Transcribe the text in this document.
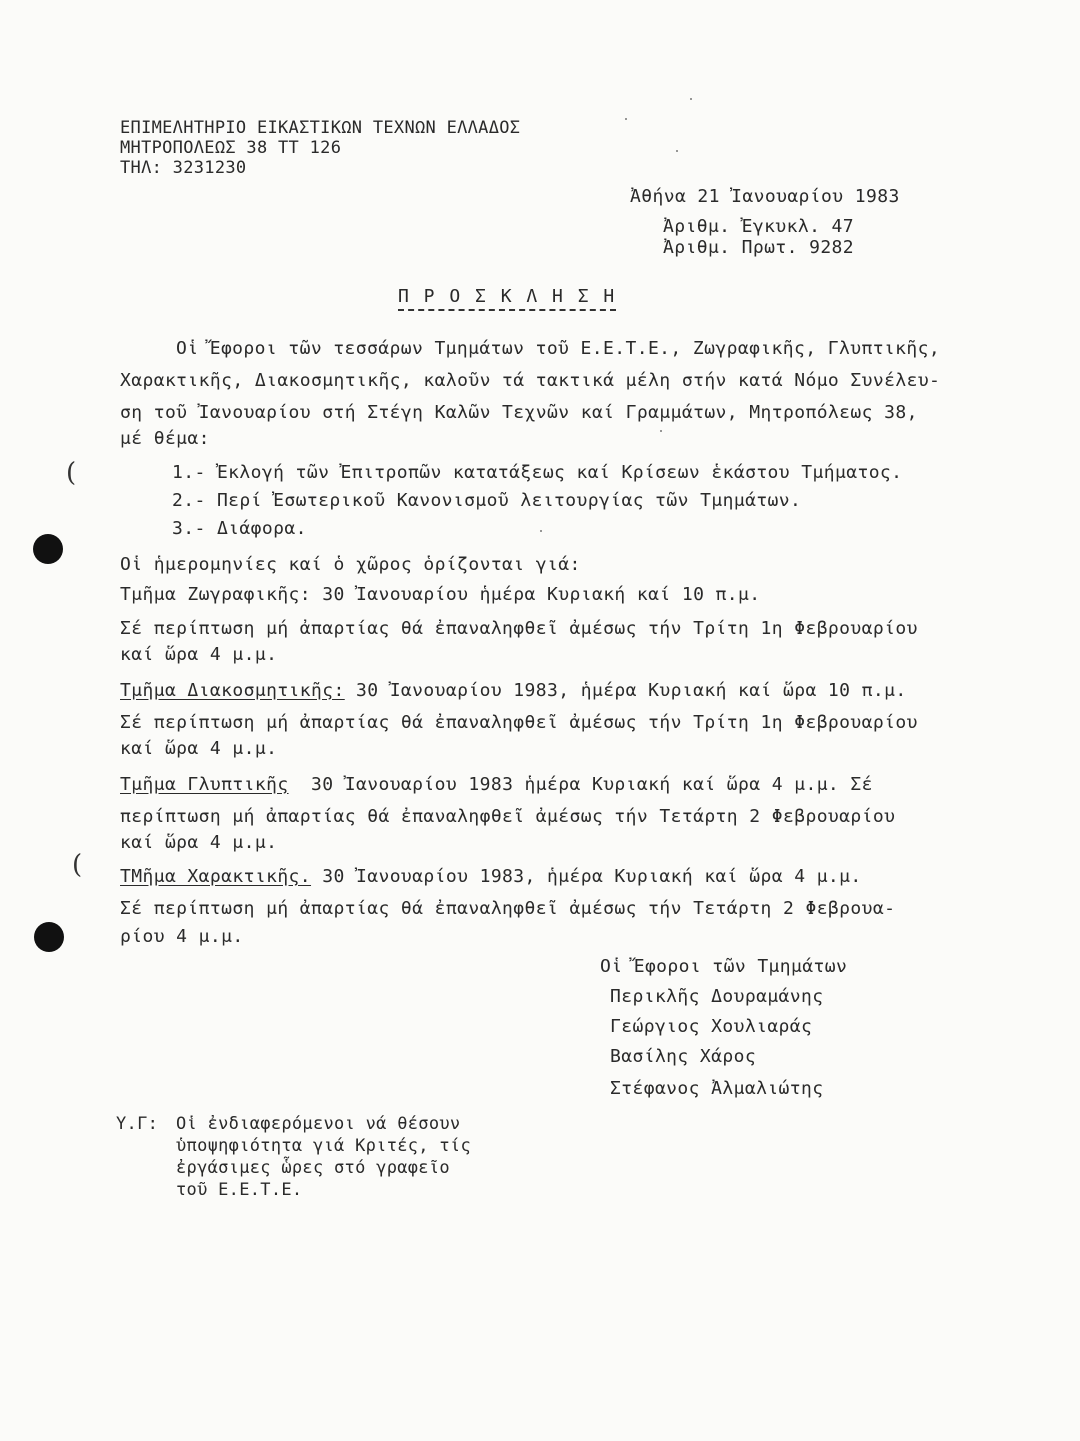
ΕΠΙΜΕΛΗΤΗΡΙΟ ΕΙΚΑΣΤΙΚΩΝ ΤΕΧΝΩΝ ΕΛΛΑΔΟΣ
ΜΗΤΡΟΠΟΛΕΩΣ 38 ΤΤ 126
ΤΗΛ: 3231230
Ἀθήνα 21 Ἰανουαρίου 1983
Ἀριθμ. Ἐγκυκλ. 47
Ἀριθμ. Πρωτ. 9282
Π Ρ Ο Σ Κ Λ Η Σ Η
Οἱ Ἔφοροι τῶν τεσσάρων Τμημάτων τοῦ Ε.Ε.Τ.Ε., Ζωγραφικῆς, Γλυπτικῆς,
Χαρακτικῆς, Διακοσμητικῆς, καλοῦν τά τακτικά μέλη στήν κατά Νόμο Συνέλευ-
ση τοῦ Ἰανουαρίου στή Στέγη Καλῶν Τεχνῶν καί Γραμμάτων, Μητροπόλεως 38,
μέ θέμα:
1.- Ἐκλογή τῶν Ἐπιτροπῶν κατατάξεως καί Κρίσεων ἑκάστου Τμήματος.
2.- Περί Ἐσωτερικοῦ Κανονισμοῦ λειτουργίας τῶν Τμημάτων.
3.- Διάφορα.
Οἱ ἡμερομηνίες καί ὁ χῶρος ὁρίζονται γιά:
Τμῆμα Ζωγραφικῆς: 30 Ἰανουαρίου ἡμέρα Κυριακή καί 10 π.μ.
Σέ περίπτωση μή ἀπαρτίας θά ἐπαναληφθεῖ ἀμέσως τήν Τρίτη 1η Φεβρουαρίου
καί ὥρα 4 μ.μ.
Τμῆμα Διακοσμητικῆς: 30 Ἰανουαρίου 1983, ἡμέρα Κυριακή καί ὥρα 10 π.μ.
Σέ περίπτωση μή ἀπαρτίας θά ἐπαναληφθεῖ ἀμέσως τήν Τρίτη 1η Φεβρουαρίου
καί ὥρα 4 μ.μ.
Τμῆμα Γλυπτικῆς  30 Ἰανουαρίου 1983 ἡμέρα Κυριακή καί ὥρα 4 μ.μ. Σέ
περίπτωση μή ἀπαρτίας θά ἐπαναληφθεῖ ἀμέσως τήν Τετάρτη 2 Φεβρουαρίου
καί ὥρα 4 μ.μ.
ΤΜῆμα Χαρακτικῆς. 30 Ἰανουαρίου 1983, ἡμέρα Κυριακή καί ὥρα 4 μ.μ.
Σέ περίπτωση μή ἀπαρτίας θά ἐπαναληφθεῖ ἀμέσως τήν Τετάρτη 2 Φεβρουα-
ρίου 4 μ.μ.
Οἱ Ἔφοροι τῶν Τμημάτων
Περικλῆς Δουραμάνης
Γεώργιος Χουλιαράς
Βασίλης Χάρος
Στέφανος Ἀλμαλιώτης
Υ.Γ: Οἱ ἐνδιαφερόμενοι νά θέσουν
ὑποψηφιότητα γιά Κριτές, τίς
ἐργάσιμες ὧρες στό γραφεῖο
τοῦ Ε.Ε.Τ.Ε.
(
(
